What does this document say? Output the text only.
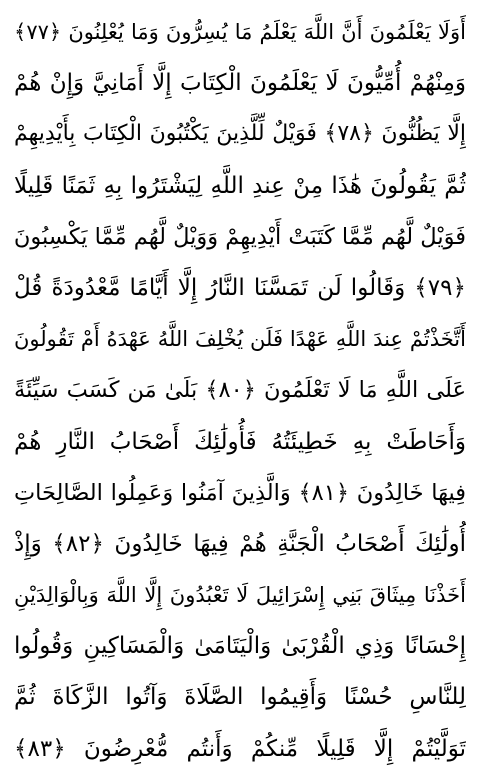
أَوَلَا يَعْلَمُونَ أَنَّ اللَّهَ يَعْلَمُ مَا يُسِرُّونَ وَمَا يُعْلِنُونَ ﴿٧٧﴾
وَمِنْهُمْ أُمِّيُّونَ لَا يَعْلَمُونَ الْكِتَابَ إِلَّا أَمَانِيَّ وَإِنْ هُمْ
إِلَّا يَظُنُّونَ ﴿٧٨﴾ فَوَيْلٌ لِّلَّذِينَ يَكْتُبُونَ الْكِتَابَ بِأَيْدِيهِمْ
ثُمَّ يَقُولُونَ هَٰذَا مِنْ عِندِ اللَّهِ لِيَشْتَرُوا بِهِ ثَمَنًا قَلِيلًا
فَوَيْلٌ لَّهُم مِّمَّا كَتَبَتْ أَيْدِيهِمْ وَوَيْلٌ لَّهُم مِّمَّا يَكْسِبُونَ
﴿٧٩﴾ وَقَالُوا لَن تَمَسَّنَا النَّارُ إِلَّا أَيَّامًا مَّعْدُودَةً قُلْ
أَتَّخَذْتُمْ عِندَ اللَّهِ عَهْدًا فَلَن يُخْلِفَ اللَّهُ عَهْدَهُ أَمْ تَقُولُونَ
عَلَى اللَّهِ مَا لَا تَعْلَمُونَ ﴿٨٠﴾ بَلَىٰ مَن كَسَبَ سَيِّئَةً
وَأَحَاطَتْ بِهِ خَطِيئَتُهُ فَأُولَٰئِكَ أَصْحَابُ النَّارِ هُمْ
فِيهَا خَالِدُونَ ﴿٨١﴾ وَالَّذِينَ آمَنُوا وَعَمِلُوا الصَّالِحَاتِ
أُولَٰئِكَ أَصْحَابُ الْجَنَّةِ هُمْ فِيهَا خَالِدُونَ ﴿٨٢﴾ وَإِذْ
أَخَذْنَا مِيثَاقَ بَنِي إِسْرَائِيلَ لَا تَعْبُدُونَ إِلَّا اللَّهَ وَبِالْوَالِدَيْنِ
إِحْسَانًا وَذِي الْقُرْبَىٰ وَالْيَتَامَىٰ وَالْمَسَاكِينِ وَقُولُوا
لِلنَّاسِ حُسْنًا وَأَقِيمُوا الصَّلَاةَ وَآتُوا الزَّكَاةَ ثُمَّ
تَوَلَّيْتُمْ إِلَّا قَلِيلًا مِّنكُمْ وَأَنتُم مُّعْرِضُونَ ﴿٨٣﴾
